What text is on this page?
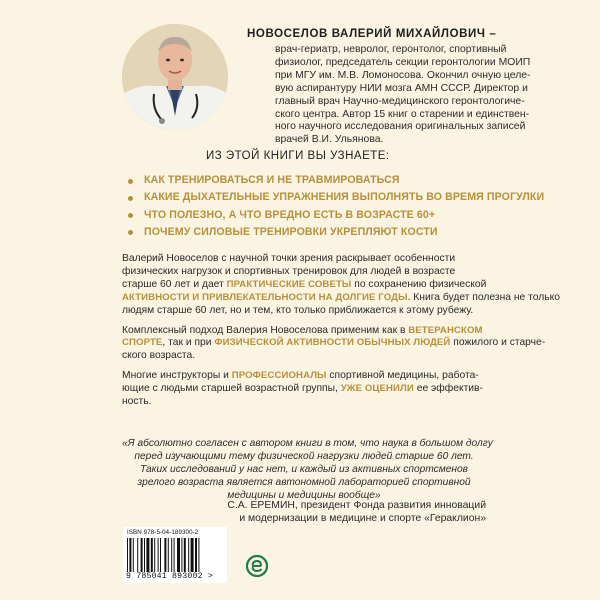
НОВОСЕЛОВ ВАЛЕРИЙ МИХАЙЛОВИЧ –
врач-гериатр, невролог, геронтолог, спортивный
физиолог, председатель секции геронтологии МОИП
при МГУ им. М.В. Ломоносова. Окончил очную целе-
вую аспирантуру НИИ мозга АМН СССР. Директор и
главный врач Научно-медицинского геронтологиче-
ского центра. Автор 15 книг о старении и единствен-
ного научного исследования оригинальных записей
врачей В.И. Ульянова.
ИЗ ЭТОЙ КНИГИ ВЫ УЗНАЕТЕ:
КАК ТРЕНИРОВАТЬСЯ И НЕ ТРАВМИРОВАТЬСЯ
КАКИЕ ДЫХАТЕЛЬНЫЕ УПРАЖНЕНИЯ ВЫПОЛНЯТЬ ВО ВРЕМЯ ПРОГУЛКИ
ЧТО ПОЛЕЗНО, А ЧТО ВРЕДНО ЕСТЬ В ВОЗРАСТЕ 60+
ПОЧЕМУ СИЛОВЫЕ ТРЕНИРОВКИ УКРЕПЛЯЮТ КОСТИ

Валерий Новоселов с научной точки зрения раскрывает особенности
физических нагрузок и спортивных тренировок для людей в возрасте
старше 60 лет и дает ПРАКТИЧЕСКИЕ СОВЕТЫ по сохранению физической
АКТИВНОСТИ И ПРИВЛЕКАТЕЛЬНОСТИ НА ДОЛГИЕ ГОДЫ. Книга будет полезна не только
людям старше 60 лет, но и тем, кто только приближается к этому рубежу.

Комплексный подход Валерия Новоселова применим как в ВЕТЕРАНСКОМ
СПОРТЕ, так и при ФИЗИЧЕСКОЙ АКТИВНОСТИ ОБЫЧНЫХ ЛЮДЕЙ пожилого и старче-
ского возраста.

Многие инструкторы и ПРОФЕССИОНАЛЫ спортивной медицины, работа-
ющие с людьми старшей возрастной группы, УЖЕ ОЦЕНИЛИ ее эффектив-
ность.

«Я абсолютно согласен с автором книги в том, что наука в большом долгу
перед изучающими тему физической нагрузки людей старше 60 лет.
Таких исследований у нас нет, и каждый из активных спортсменов
зрелого возраста является автономной лабораторией спортивной
медицины и медицины вообще»
С.А. ЕРЕМИН, президент Фонда развития инноваций
и модернизации в медицине и спорте «Гераклион»
ISBN 978-5-04-189300-2
9 785041 893002 >
